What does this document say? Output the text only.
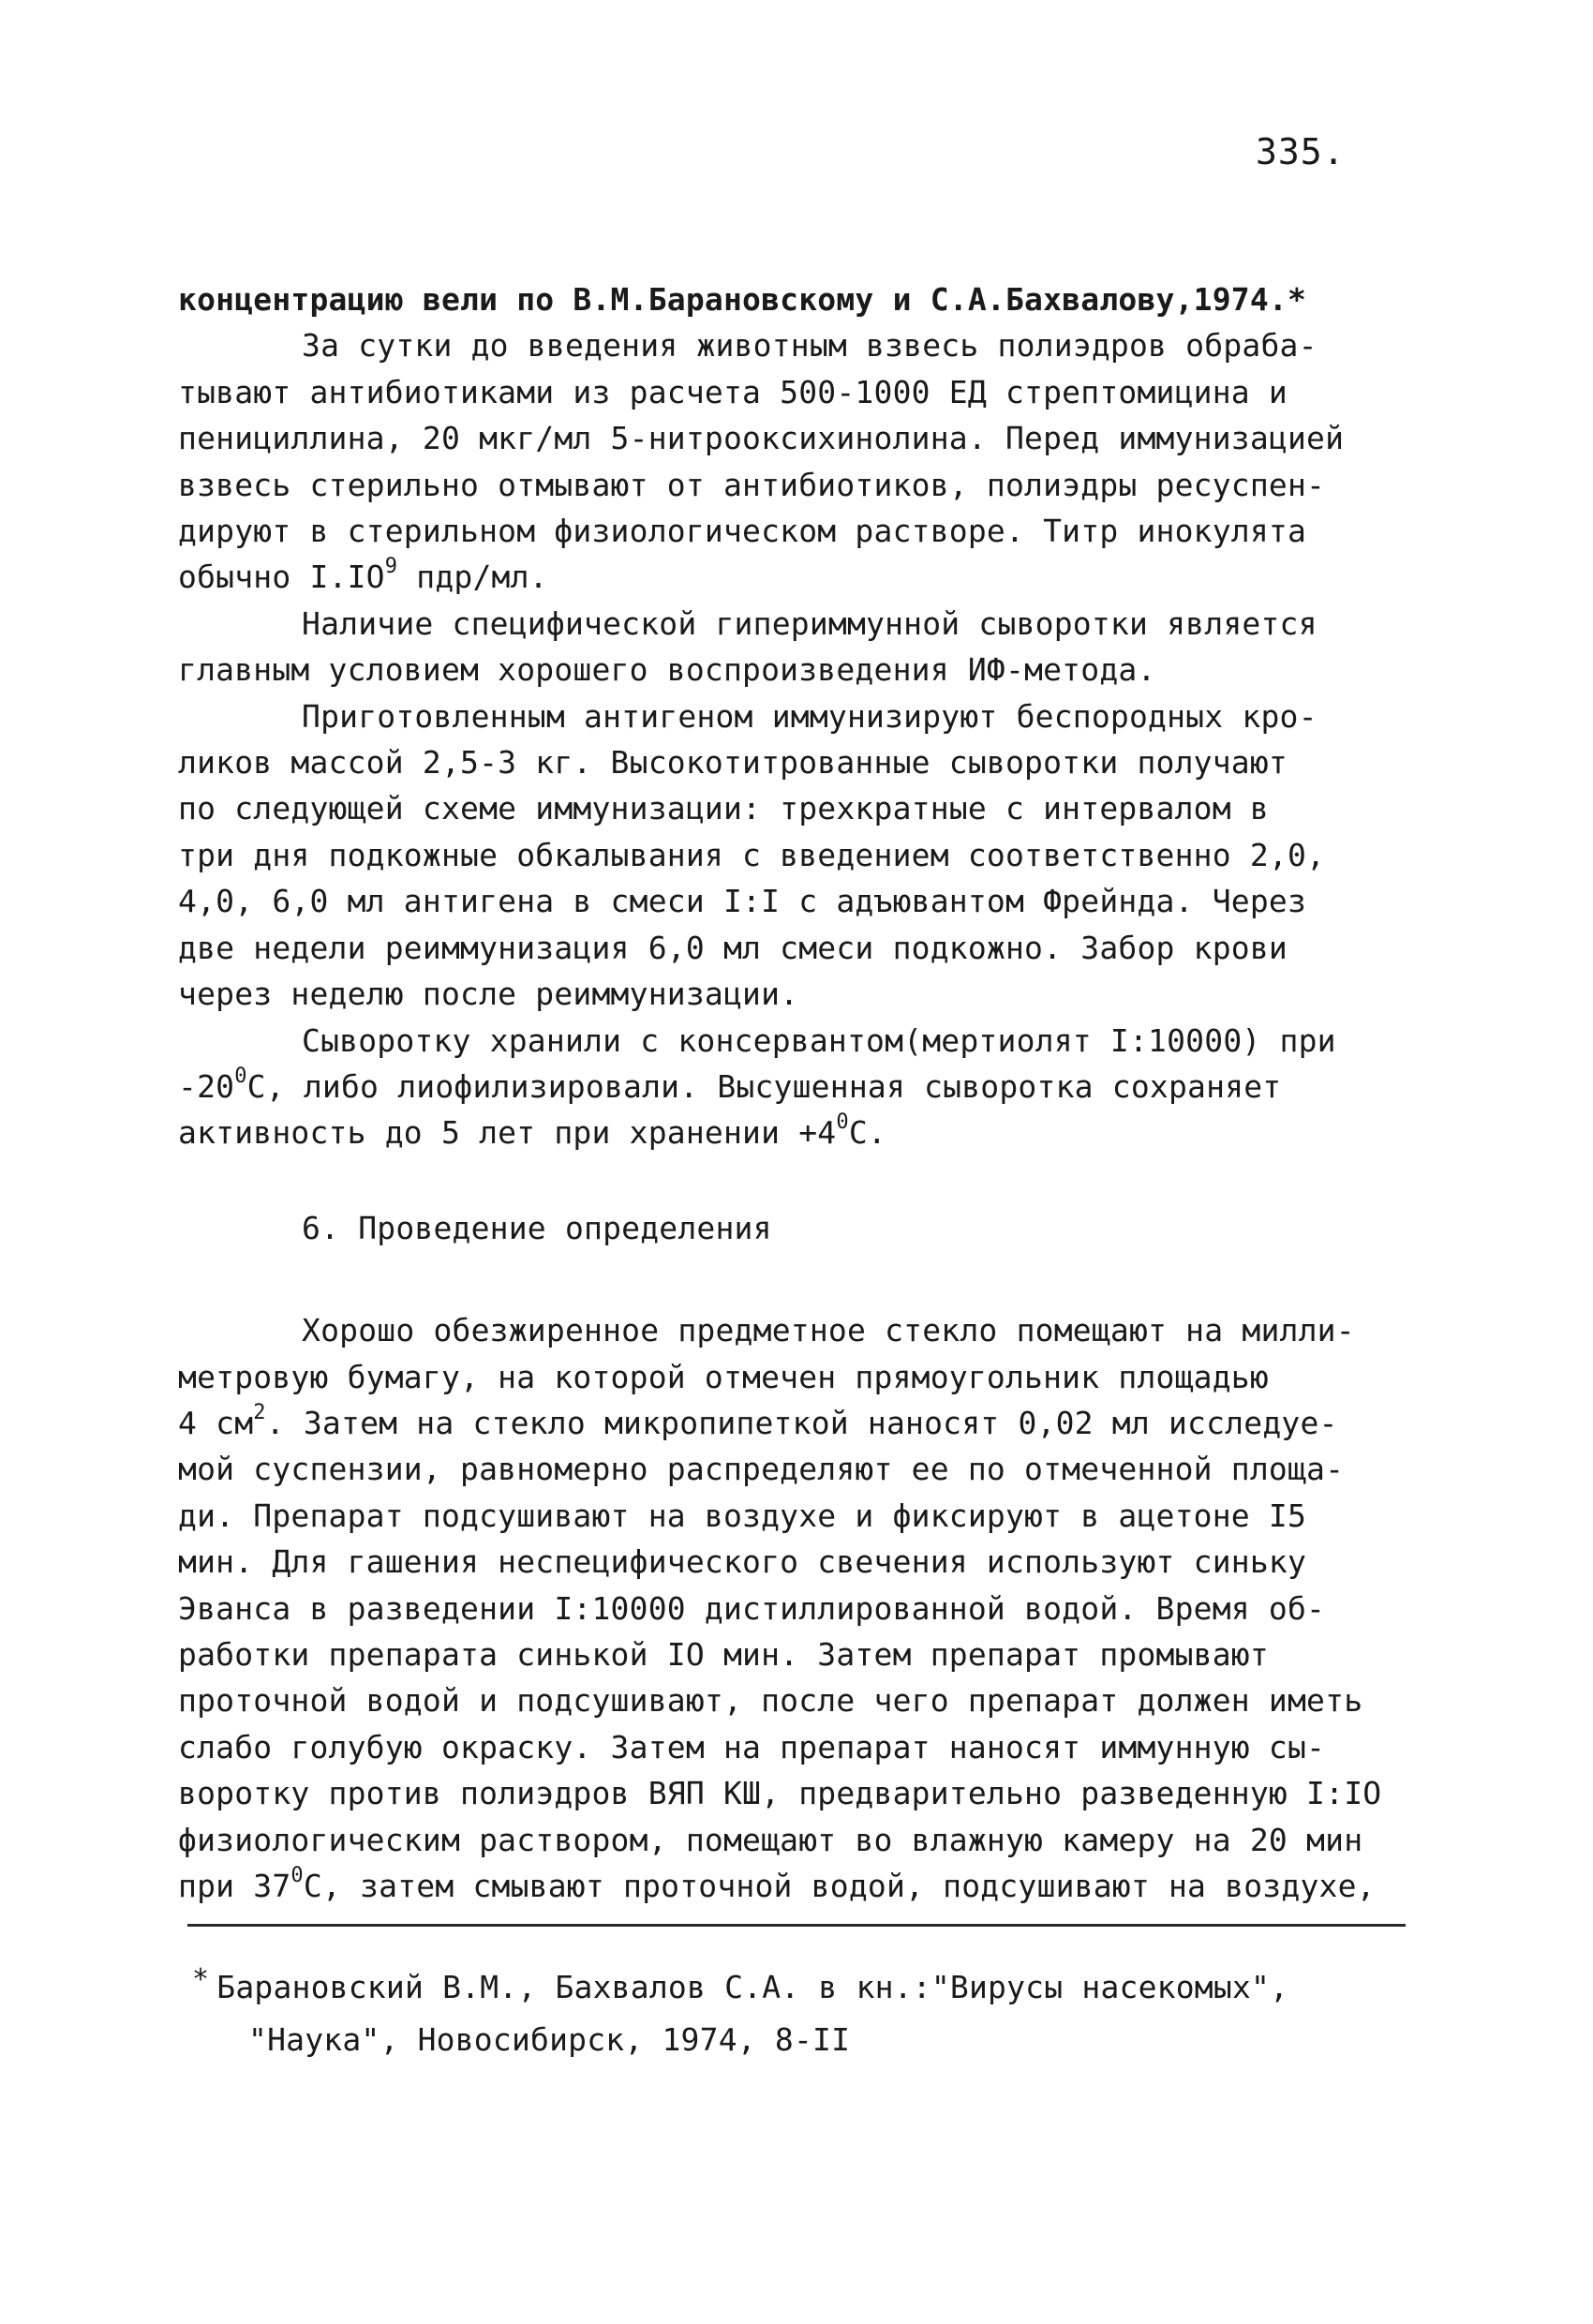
335.
концентрацию вели по В.М.Барановскому и С.А.Бахвалову,1974.*
За сутки до введения животным взвесь полиэдров обраба-
тывают антибиотиками из расчета 500-1000 ЕД стрептомицина и
пенициллина, 20 мкг/мл 5-нитрооксихинолина. Перед иммунизацией
взвесь стерильно отмывают от антибиотиков, полиэдры ресуспен-
дируют в стерильном физиологическом растворе. Титр инокулята
обычно $I.IO^9$ пдр/мл.
Наличие специфической гипериммунной сыворотки является
главным условием хорошего воспроизведения ИФ-метода.
Приготовленным антигеном иммунизируют беспородных кро-
ликов массой 2,5-3 кг. Высокотитрованные сыворотки получают
по следующей схеме иммунизации: трехкратные с интервалом в
три дня подкожные обкалывания с введением соответственно 2,0,
4,0, 6,0 мл антигена в смеси I:I с адъювантом Фрейнда. Через
две недели реиммунизация 6,0 мл смеси подкожно. Забор крови
через неделю после реиммунизации.
Сыворотку хранили с консервантом(мертиолят I:10000) при
$-20^0С$, либо лиофилизировали. Высушенная сыворотка сохраняет
активность до 5 лет при хранении $+4^0С$.
6. Проведение определения
Хорошо обезжиренное предметное стекло помещают на милли-
метровую бумагу, на которой отмечен прямоугольник площадью
4 $см^2$. Затем на стекло микропипеткой наносят 0,02 мл исследуе-
мой суспензии, равномерно распределяют ее по отмеченной площа-
ди. Препарат подсушивают на воздухе и фиксируют в ацетоне I5
мин. Для гашения неспецифического свечения используют синьку
Эванса в разведении I:10000 дистиллированной водой. Время об-
работки препарата синькой IO мин. Затем препарат промывают
проточной водой и подсушивают, после чего препарат должен иметь
слабо голубую окраску. Затем на препарат наносят иммунную сы-
воротку против полиэдров ВЯП КШ, предварительно разведенную I:IO
физиологическим раствором, помещают во влажную камеру на 20 мин
при $37^0С$, затем смывают проточной водой, подсушивают на воздухе,
* Барановский В.М., Бахвалов С.А. в кн.:"Вирусы насекомых",
"Наука", Новосибирск, 1974, 8-II
